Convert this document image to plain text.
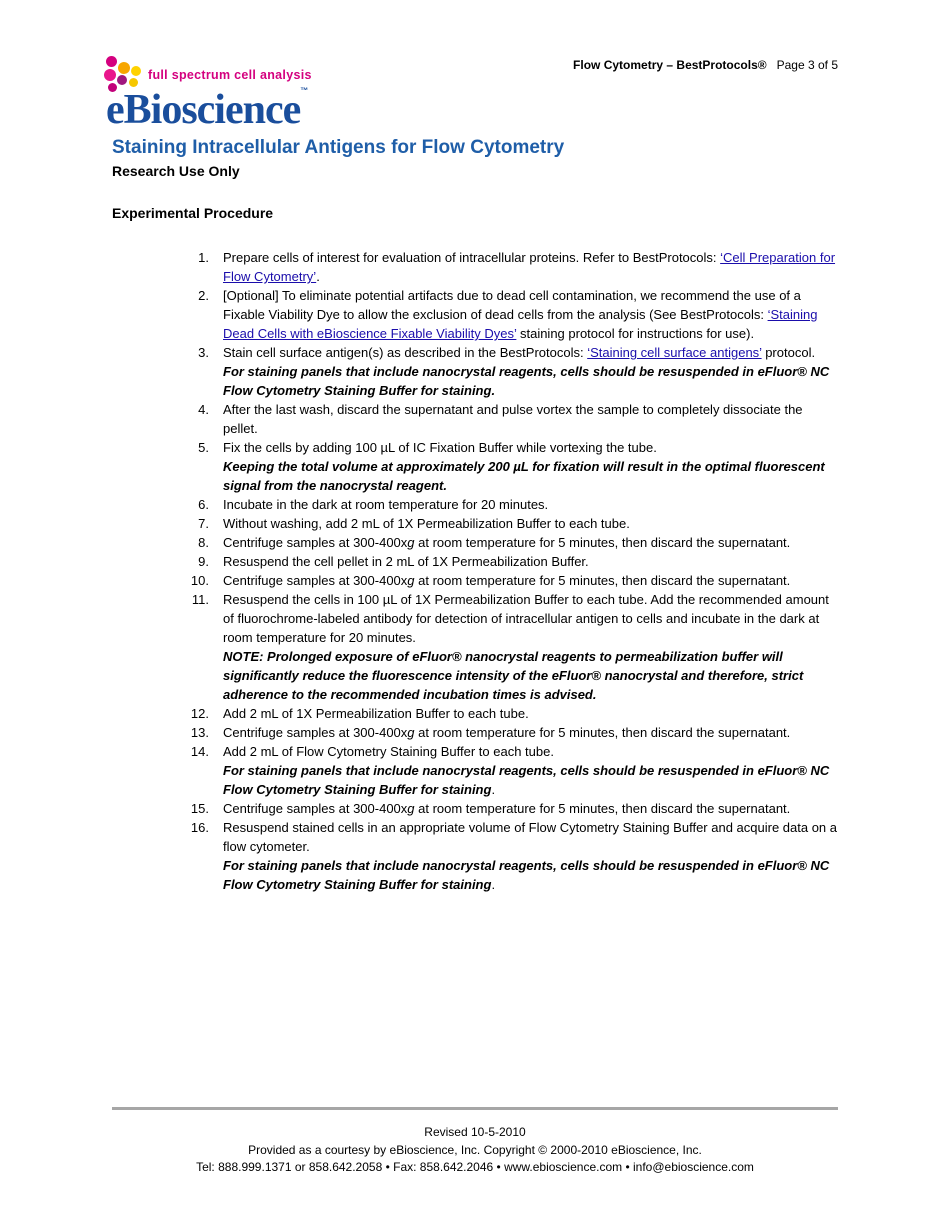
full spectrum cell analysis
eBioscience™
Flow Cytometry – BestProtocols® Page 3 of 5
Staining Intracellular Antigens for Flow Cytometry
Research Use Only
Experimental Procedure
1. Prepare cells of interest for evaluation of intracellular proteins. Refer to BestProtocols: ‘Cell Preparation for Flow Cytometry’.
2. [Optional] To eliminate potential artifacts due to dead cell contamination, we recommend the use of a Fixable Viability Dye to allow the exclusion of dead cells from the analysis (See BestProtocols: ‘Staining Dead Cells with eBioscience Fixable Viability Dyes’ staining protocol for instructions for use).
3. Stain cell surface antigen(s) as described in the BestProtocols: ‘Staining cell surface antigens’ protocol.
For staining panels that include nanocrystal reagents, cells should be resuspended in eFluor® NC Flow Cytometry Staining Buffer for staining.
4. After the last wash, discard the supernatant and pulse vortex the sample to completely dissociate the pellet.
5. Fix the cells by adding 100 µL of IC Fixation Buffer while vortexing the tube.
Keeping the total volume at approximately 200 µL for fixation will result in the optimal fluorescent signal from the nanocrystal reagent.
6. Incubate in the dark at room temperature for 20 minutes.
7. Without washing, add 2 mL of 1X Permeabilization Buffer to each tube.
8. Centrifuge samples at 300-400xg at room temperature for 5 minutes, then discard the supernatant.
9. Resuspend the cell pellet in 2 mL of 1X Permeabilization Buffer.
10. Centrifuge samples at 300-400xg at room temperature for 5 minutes, then discard the supernatant.
11. Resuspend the cells in 100 µL of 1X Permeabilization Buffer to each tube. Add the recommended amount of fluorochrome-labeled antibody for detection of intracellular antigen to cells and incubate in the dark at room temperature for 20 minutes.
NOTE: Prolonged exposure of eFluor® nanocrystal reagents to permeabilization buffer will significantly reduce the fluorescence intensity of the eFluor® nanocrystal and therefore, strict adherence to the recommended incubation times is advised.
12. Add 2 mL of 1X Permeabilization Buffer to each tube.
13. Centrifuge samples at 300-400xg at room temperature for 5 minutes, then discard the supernatant.
14. Add 2 mL of Flow Cytometry Staining Buffer to each tube.
For staining panels that include nanocrystal reagents, cells should be resuspended in eFluor® NC Flow Cytometry Staining Buffer for staining.
15. Centrifuge samples at 300-400xg at room temperature for 5 minutes, then discard the supernatant.
16. Resuspend stained cells in an appropriate volume of Flow Cytometry Staining Buffer and acquire data on a flow cytometer.
For staining panels that include nanocrystal reagents, cells should be resuspended in eFluor® NC Flow Cytometry Staining Buffer for staining.
Revised 10-5-2010
Provided as a courtesy by eBioscience, Inc. Copyright © 2000-2010 eBioscience, Inc.
Tel: 888.999.1371 or 858.642.2058 • Fax: 858.642.2046 • www.ebioscience.com • info@ebioscience.com
